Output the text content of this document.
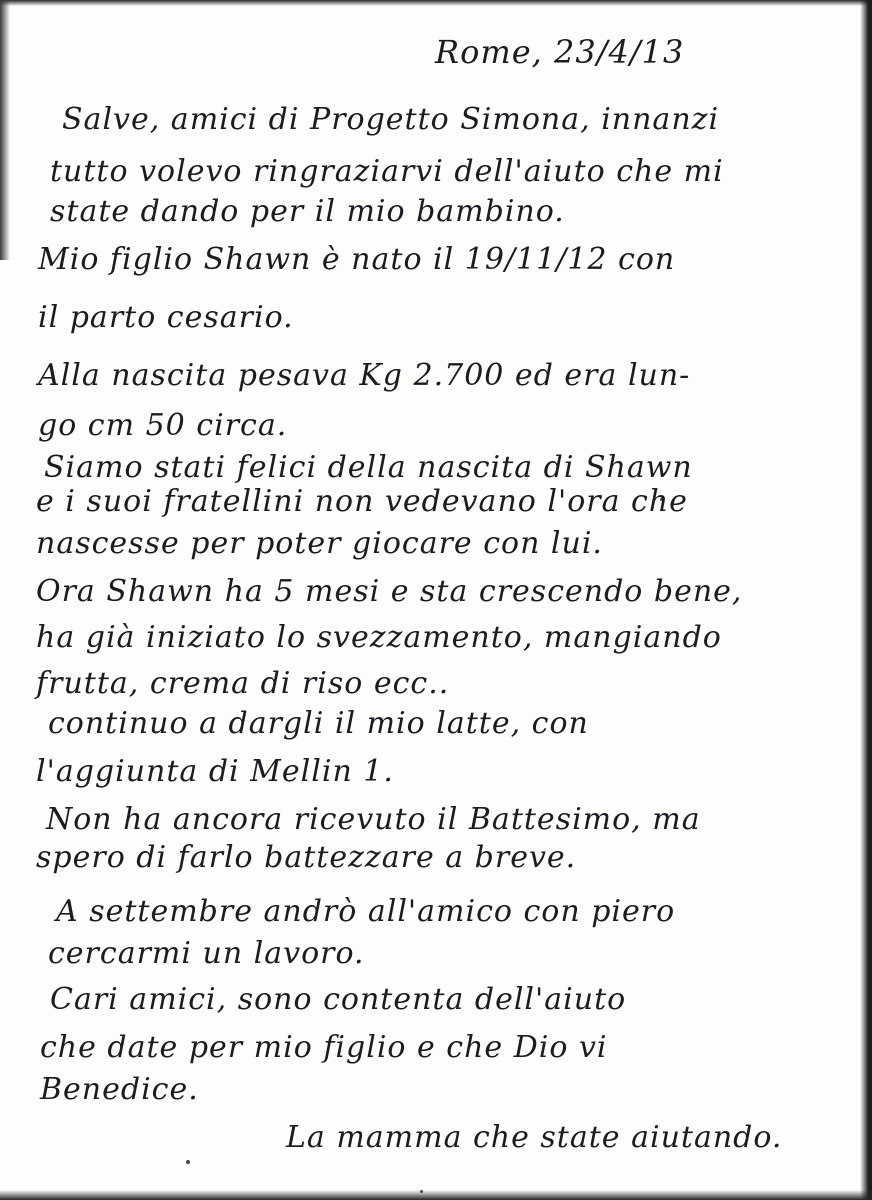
Rome, 23/4/13
Salve, amici di Progetto Simona, innanzi
tutto volevo ringraziarvi dell'aiuto che mi
state dando per il mio bambino.
Mio figlio Shawn è nato il 19/11/12 con
il parto cesario.
Alla nascita pesava Kg 2.700 ed era lun-
go cm 50 circa.
Siamo stati felici della nascita di Shawn
e i suoi fratellini non vedevano l'ora che
nascesse per poter giocare con lui.
Ora Shawn ha 5 mesi e sta crescendo bene,
ha già iniziato lo svezzamento, mangiando
frutta, crema di riso ecc..
continuo a dargli il mio latte, con
l'aggiunta di Mellin 1.
Non ha ancora ricevuto il Battesimo, ma
spero di farlo battezzare a breve.
A settembre andrò all'amico con piero
cercarmi un lavoro.
Cari amici, sono contenta dell'aiuto
che date per mio figlio e che Dio vi
Benedice.
La mamma che state aiutando.
